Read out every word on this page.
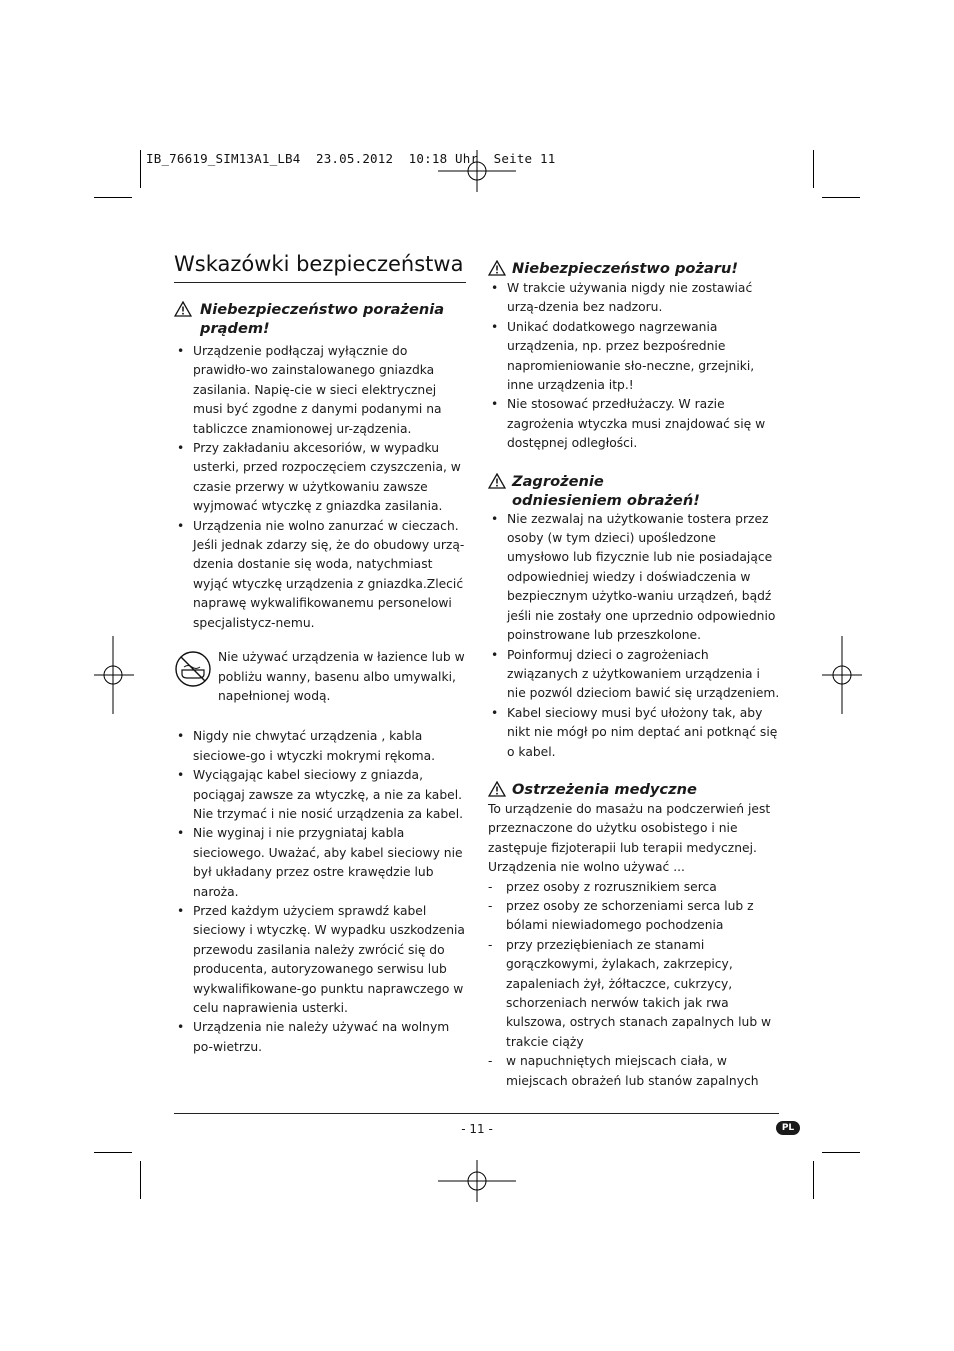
IB_76619_SIM13A1_LB4  23.05.2012  10:18 Uhr  Seite 11
Wskazówki bezpieczeństwa
Niebezpieczeństwo porażenia prądem!
• Urządzenie podłączaj wyłącznie do prawidło-wo zainstalowanego gniazdka zasilania. Napię-cie w sieci elektrycznej musi być zgodne z danymi podanymi na tabliczce znamionowej ur-ządzenia.
• Przy zakładaniu akcesoriów, w wypadku usterki, przed rozpoczęciem czyszczenia, w czasie przerwy w użytkowaniu zawsze wyjmować wtyczkę z gniazdka zasilania.
• Urządzenia nie wolno zanurzać w cieczach. Jeśli jednak zdarzy się, że do obudowy urzą-dzenia dostanie się woda, natychmiast wyjąć wtyczkę urządzenia z gniazdka.Zlecić naprawę wykwalifikowanemu personelowi specjalistycz-nemu.

Nie używać urządzenia w łazience lub w pobliżu wanny, basenu albo umywalki, napełnionej wodą.

• Nigdy nie chwytać urządzenia , kabla sieciowe-go i wtyczki mokrymi rękoma.
• Wyciągając kabel sieciowy z gniazda, pociągaj zawsze za wtyczkę, a nie za kabel. Nie trzymać i nie nosić urządzenia za kabel.
• Nie wyginaj i nie przygniataj kabla sieciowego. Uważać, aby kabel sieciowy nie był układany przez ostre krawędzie lub naroża.
• Przed każdym użyciem sprawdź kabel sieciowy i wtyczkę. W wypadku uszkodzenia przewodu zasilania należy zwrócić się do producenta, autoryzowanego serwisu lub wykwalifikowane-go punktu naprawczego w celu naprawienia usterki.
• Urządzenia nie należy używać na wolnym po-wietrzu.
Niebezpieczeństwo pożaru!
• W trakcie używania nigdy nie zostawiać urzą-dzenia bez nadzoru.
• Unikać dodatkowego nagrzewania urządzenia, np. przez bezpośrednie napromieniowanie sło-neczne, grzejniki, inne urządzenia itp.!
• Nie stosować przedłużaczy. W razie zagrożenia wtyczka musi znajdować się w dostępnej odległości.
Zagrożenie odniesieniem obrażeń!
• Nie zezwalaj na użytkowanie tostera przez osoby (w tym dzieci) upośledzone umysłowo lub fizycznie lub nie posiadające odpowiedniej wiedzy i doświadczenia w bezpiecznym użytko-waniu urządzeń, bądź jeśli nie zostały one uprzednio odpowiednio poinstrowane lub przeszkolone.
• Poinformuj dzieci o zagrożeniach związanych z użytkowaniem urządzenia i nie pozwól dzieciom bawić się urządzeniem.
• Kabel sieciowy musi być ułożony tak, aby nikt nie mógł po nim deptać ani potknąć się o kabel.
Ostrzeżenia medyczne

To urządzenie do masażu na podczerwień jest przeznaczone do użytku osobistego i nie zastępuje fizjoterapii lub terapii medycznej.

Urządzenia nie wolno używać ...

- przez osoby z rozrusznikiem serca
- przez osoby ze schorzeniami serca lub z bólami niewiadomego pochodzenia
- przy przeziębieniach ze stanami gorączkowymi, żylakach, zakrzepicy, zapaleniach żył, żółtaczce, cukrzycy, schorzeniach nerwów takich jak rwa kulszowa, ostrych stanach zapalnych lub w trakcie ciąży
- w napuchniętych miejscach ciała, w miejscach obrażeń lub stanów zapalnych
- 11 -	PL
